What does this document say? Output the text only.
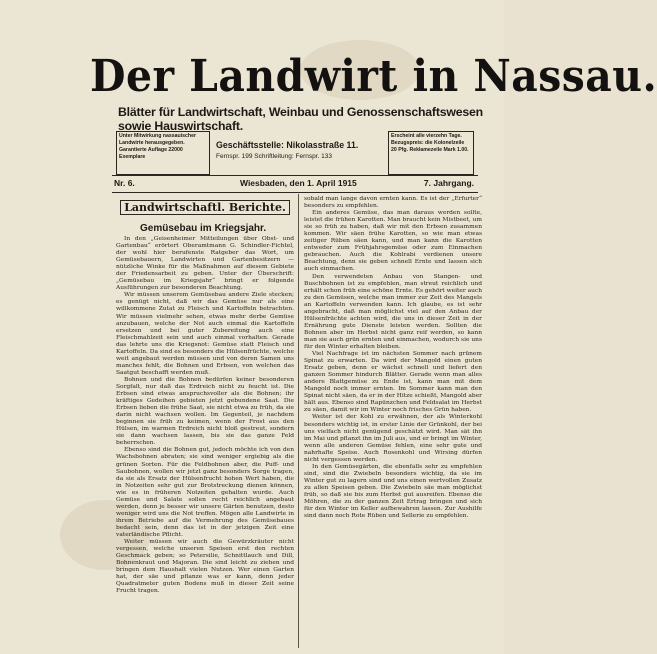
Der Landwirt in Nassau.
Blätter für Landwirtschaft, Weinbau und Genossenschaftswesen
sowie Hauswirtschaft.
Unter Mitwirkung nassauischer Landwirte herausgegeben. Garantierte Auflage 22000 Exemplare
Geschäftsstelle: Nikolasstraße 11.
Fernspr. 199 Schriftleitung: Fernspr. 133
Erscheint alle vierzehn Tage. Bezugspreis: die Kolonelzeile 20 Pfg. Reklamezeile Mark 1.00.
Nr. 6.	Wiesbaden, den 1. April 1915	7. Jahrgang.
Landwirtschaftl. Berichte.
Gemüsebau im Kriegsjahr.

In den „Geisenheimer Mitteilungen über Obst- und Gartenbau“ erörtert Oberamtmann G. Schindler-Fichtel, der wohl hier berufenste Ratgeber das Wort, um Gemüsebauern, Landwirten und Gartenbesitzern — nützliche Winke für die Maßnahmen auf diesem Gebiete der Friedensarbeit zu geben. Unter der Überschrift: „Gemüsebau im Kriegsjahr“ bringt er folgende Ausführungen zur besonderen Beachtung.

Wir müssen unserem Gemüsebau andere Ziele stecken; es genügt nicht, daß wir das Gemüse nur als eine willkommene Zutat zu Fleisch und Kartoffeln betrachten. Wir müssen vielmehr sehen, etwas mehr derbe Gemüse anzubauen, welche der Not auch einmal die Kartoffeln ersetzen und bei guter Zubereitung auch eine Fleischmahlzeit sein und auch einmal vorhalten. Gerade das lehrte uns die Kriegsnot: Gemüse statt Fleisch und Kartoffeln. Da sind es besonders die Hülsenfrüchte, welche weit angebaut werden müssen und von deren Samen uns manches fehlt, die Bohnen und Erbsen, von welchen das Saatgut beschafft werden muß.

Bohnen und die Bohnen bedürfen keiner besonderen Sorgfalt, nur daß das Erdreich nicht zu feucht ist. Die Erbsen sind etwas anspruchsvoller als die Bohnen; ihr kräftiges Gedeihen gebieten jetzt gebundene Saat. Die Erbsen lieben die frühe Saat, sie nicht etwa zu früh, da sie darin nicht wachsen wollen. Im Gegenteil, je nachdem beginnen sie früh zu keimen, wenn der Frost aus den Hülsen, im warmen Erdreich nicht bloß gestreut, sondern sie dann wachsen lassen, bis sie das ganze Feld beherrschen.

Ebenso sind die Bohnen gut, jedoch möchte ich von den Wachsbohnen abraten; sie sind weniger ergiebig als die grünen Sorten. Für die Feldbohnen aber, die Puff- und Saubohnen, wollen wir jetzt ganz besonders Sorge tragen, da sie als Ersatz der Hülsenfrucht hohen Wert haben, die in Notzeiten sehr gut zur Brotstreckung dienen können, wie es in früheren Notzeiten gehalten wurde. Auch Gemüse und Salate sollen recht reichlich angebaut werden, denn je besser wir unsere Gärten benutzen, desto weniger wird uns die Not treffen. Mögen alle Landwirte in ihrem Betriebe auf die Vermehrung des Gemüsebaues bedacht sein, denn das ist in der jetzigen Zeit eine vaterländische Pflicht.

Weiter müssen wir auch die Gewürzkräuter nicht vergessen, welche unseren Speisen erst den rechten Geschmack geben; so Petersilie, Schnittlauch und Dill, Bohnenkraut und Majoran. Die sind leicht zu ziehen und bringen dem Haushalt vielen Nutzen. Wer einen Garten hat, der säe und pflanze was er kann, denn jeder Quadratmeter guten Bodens muß in dieser Zeit seine Frucht tragen.

sobald man lange davon ernten kann. Es ist der „Erfurter“ besonders zu empfehlen.

Ein anderes Gemüse, das man daraus werden sollte, leistet die frühen Karotten. Man braucht kein Mistbeet, um sie so früh zu haben, daß wir mit den Erbsen zusammen kommen. Wir säen frühe Karotten, so wie man etwas zeitiger Rüben säen kann, und man kann die Karotten entweder zum Frühjahrsgemüse oder zum Einmachen gebrauchen. Auch die Kohlrabi verdienen unsere Beachtung, denn sie geben schnell Ernte und lassen sich auch einmachen.

Den verwendeten Anbau von Stangen- und Buschbohnen ist zu empfehlen, man streut reichlich und erhält schon früh eine schöne Ernte. Es gehört weiter auch zu den Gemüsen, welche man immer zur Zeit des Mangels an Kartoffeln verwenden kann. Ich glaube, es ist sehr angebracht, daß man möglichst viel auf den Anbau der Hülsenfrüchte achten wird, die uns in dieser Zeit in der Ernährung gute Dienste leisten werden. Sollten die Bohnen aber im Herbst nicht ganz reif werden, so kann man sie auch grün ernten und einmachen, wodurch sie uns für den Winter erhalten bleiben.

Viel Nachfrage ist im nächsten Sommer nach grünem Spinat zu erwarten. Da wird der Mangold einen guten Ersatz geben, denn er wächst schnell und liefert den ganzen Sommer hindurch Blätter. Gerade wenn man alles andere Blattgemüse zu Ende ist, kann man mit dem Mangold noch immer ernten. Im Sommer kann man den Spinat nicht säen, da er in der Hitze schießt, Mangold aber hält aus. Ebenso sind Rapünzchen und Feldsalat im Herbst zu säen, damit wir im Winter noch frisches Grün haben.

Weiter ist der Kohl zu erwähnen, der als Winterkohl besonders wichtig ist, in erster Linie der Grünkohl, der bei uns vielfach nicht genügend geschätzt wird. Man sät ihn im Mai und pflanzt ihn im Juli aus, und er bringt im Winter, wenn alle anderen Gemüse fehlen, eine sehr gute und nahrhafte Speise. Auch Rosenkohl und Wirsing dürfen nicht vergessen werden.

In den Gemüsegärten, die ebenfalls sehr zu empfehlen sind, sind die Zwiebeln besonders wichtig, da sie im Winter gut zu lagern sind und uns einen wertvollen Zusatz zu allen Speisen geben. Die Zwiebeln säe man möglichst früh, so daß sie bis zum Herbst gut ausreifen. Ebenso die Möhren, die zu der ganzen Zeit Ertrag bringen und sich für den Winter im Keller aufbewahren lassen. Zur Aushilfe sind dann noch Rote Rüben und Sellerie zu empfehlen.
